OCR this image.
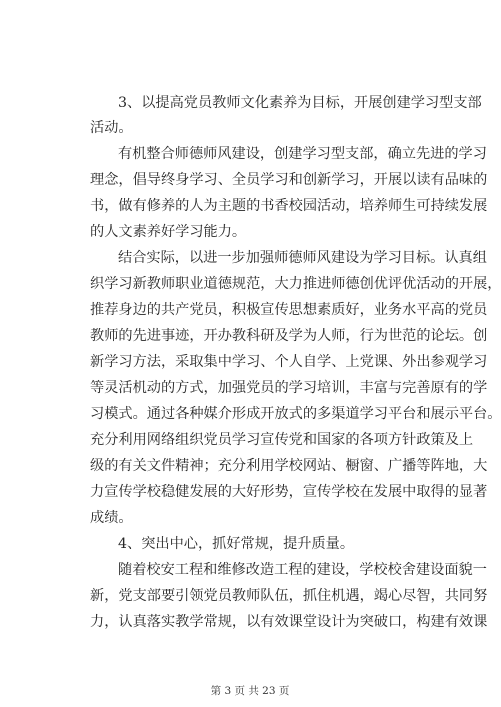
3、以提高党员教师文化素养为目标，开展创建学习型支部
活动。
有机整合师德师风建设，创建学习型支部，确立先进的学习
理念，倡导终身学习、全员学习和创新学习，开展以读有品味的
书，做有修养的人为主题的书香校园活动，培养师生可持续发展
的人文素养好学习能力。
结合实际，以进一步加强师德师风建设为学习目标。认真组
织学习新教师职业道德规范，大力推进师德创优评优活动的开展，
推荐身边的共产党员，积极宣传思想素质好，业务水平高的党员
教师的先进事迹，开办教科研及学为人师，行为世范的论坛。创
新学习方法，采取集中学习、个人自学、上党课、外出参观学习
等灵活机动的方式，加强党员的学习培训，丰富与完善原有的学
习模式。通过各种媒介形成开放式的多渠道学习平台和展示平台。
充分利用网络组织党员学习宣传党和国家的各项方针政策及上
级的有关文件精神；充分利用学校网站、橱窗、广播等阵地，大
力宣传学校稳健发展的大好形势，宣传学校在发展中取得的显著
成绩。
4、突出中心，抓好常规，提升质量。
随着校安工程和维修改造工程的建设，学校校舍建设面貌一
新，党支部要引领党员教师队伍，抓住机遇，竭心尽智，共同努
力，认真落实教学常规，以有效课堂设计为突破口，构建有效课
第 3 页 共 23 页
